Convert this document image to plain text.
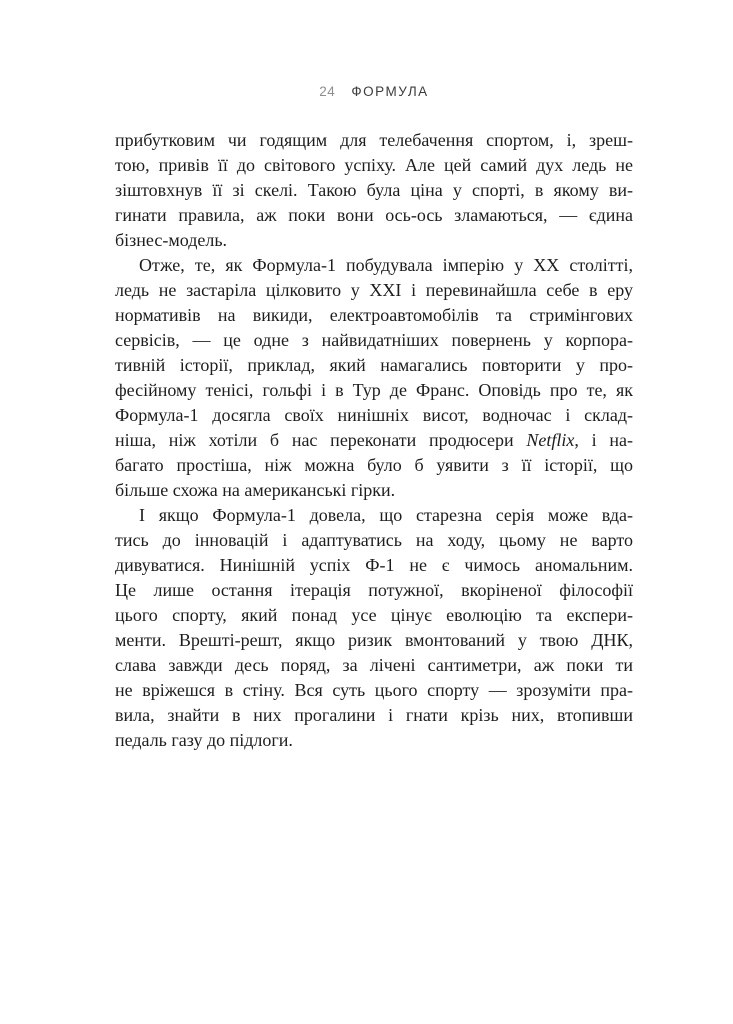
24 ФОРМУЛА
прибутковим чи годящим для телебачення спортом, і, зреш-
тою, привів її до світового успіху. Але цей самий дух ледь не
зіштовхнув її зі скелі. Такою була ціна у спорті, в якому ви-
гинати правила, аж поки вони ось-ось зламаються, — єдина
бізнес-модель.
Отже, те, як Формула-1 побудувала імперію у XX столітті,
ледь не застаріла цілковито у XXI і перевинайшла себе в еру
нормативів на викиди, електроавтомобілів та стримінгових
сервісів, — це одне з найвидатніших повернень у корпора-
тивній історії, приклад, який намагались повторити у про-
фесійному тенісі, гольфі і в Тур де Франс. Оповідь про те, як
Формула-1 досягла своїх нинішніх висот, водночас і склад-
ніша, ніж хотіли б нас переконати продюсери Netflix, і на-
багато простіша, ніж можна було б уявити з її історії, що
більше схожа на американські гірки.
І якщо Формула-1 довела, що старезна серія може вда-
тись до інновацій і адаптуватись на ходу, цьому не варто
дивуватися. Нинішній успіх Ф-1 не є чимось аномальним.
Це лише остання ітерація потужної, вкоріненої філософії
цього спорту, який понад усе цінує еволюцію та експери-
менти. Врешті-решт, якщо ризик вмонтований у твою ДНК,
слава завжди десь поряд, за лічені сантиметри, аж поки ти
не вріжешся в стіну. Вся суть цього спорту — зрозуміти пра-
вила, знайти в них прогалини і гнати крізь них, втопивши
педаль газу до підлоги.
